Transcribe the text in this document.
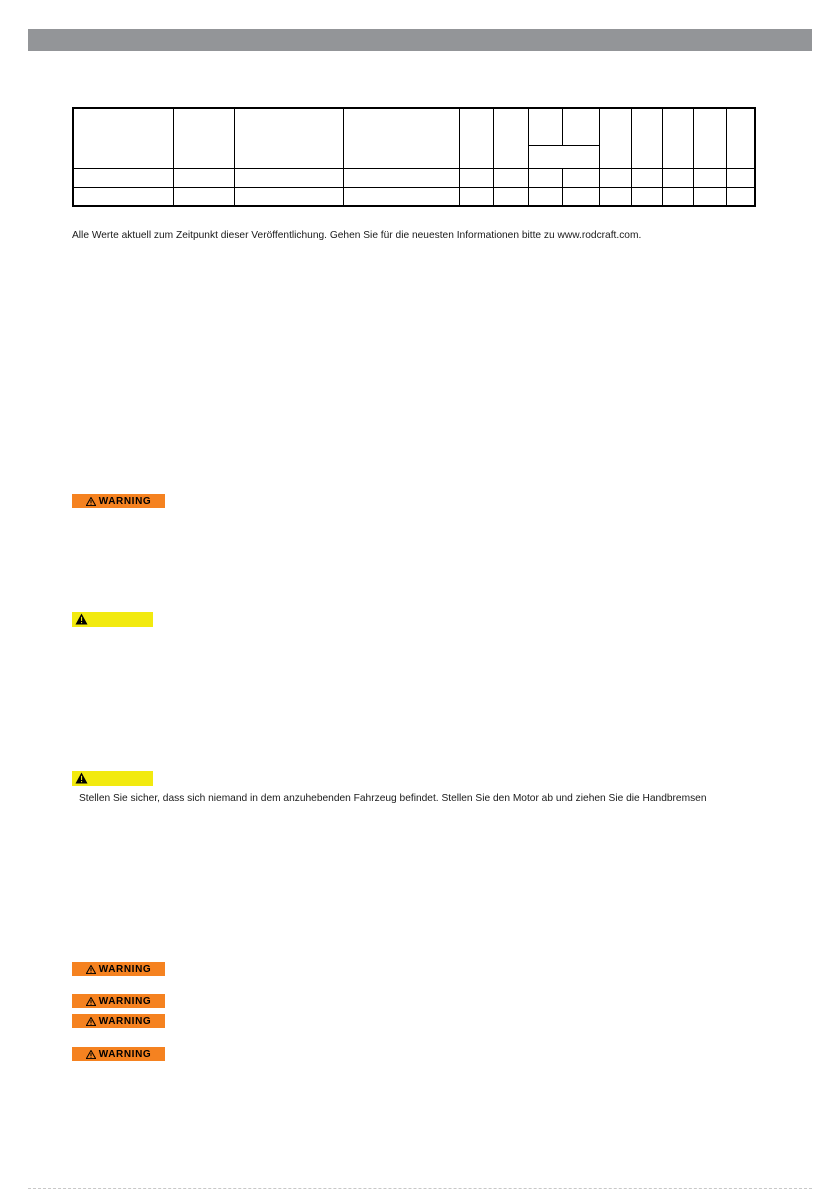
Alle Werte aktuell zum Zeitpunkt dieser Veröffentlichung. Gehen Sie für die neuesten Informationen bitte zu www.rodcraft.com.
WARNING
Stellen Sie sicher, dass sich niemand in dem anzuhebenden Fahrzeug befindet. Stellen Sie den Motor ab und ziehen Sie die Handbremsen
WARNING
WARNING
WARNING
WARNING
